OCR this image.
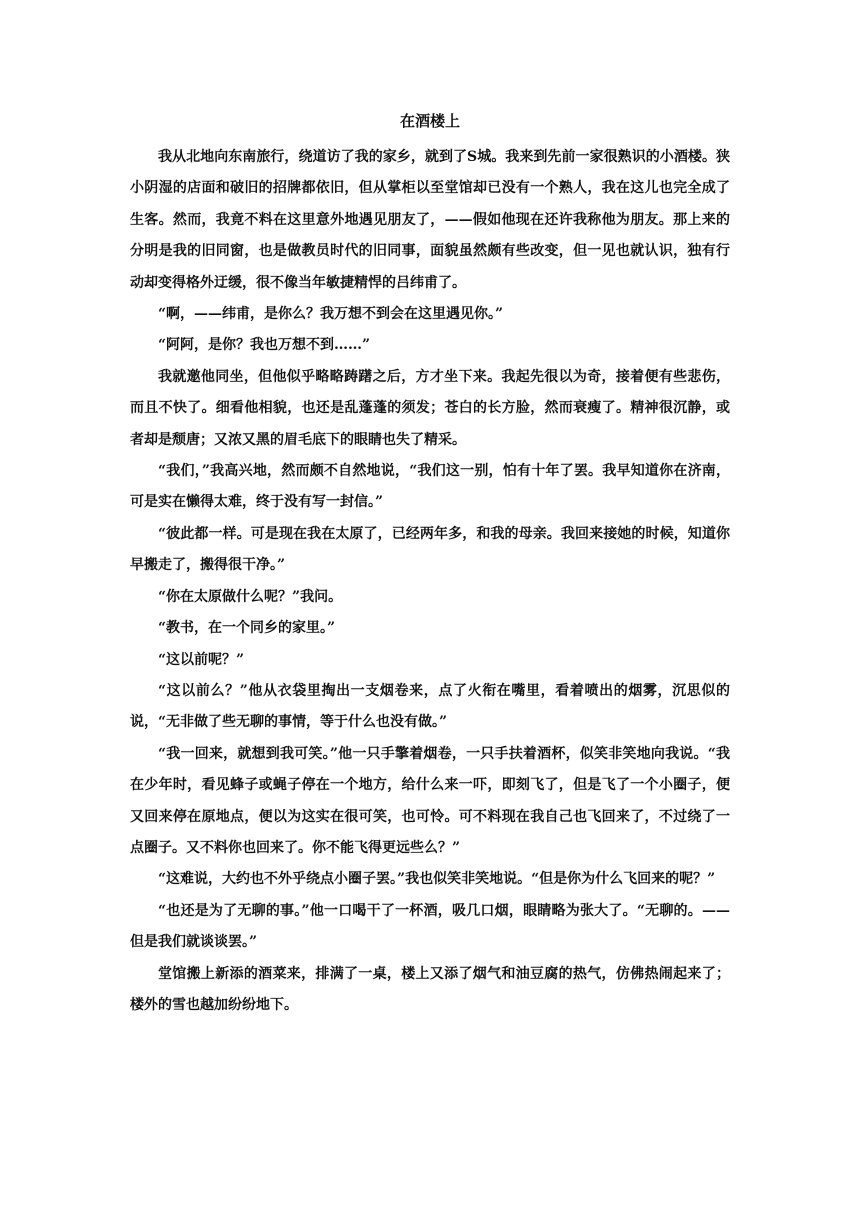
在酒楼上

我从北地向东南旅行，绕道访了我的家乡，就到了S城。我来到先前一家很熟识的小酒楼。狭小阴湿的店面和破旧的招牌都依旧，但从掌柜以至堂馆却已没有一个熟人，我在这儿也完全成了生客。然而，我竟不料在这里意外地遇见朋友了，——假如他现在还许我称他为朋友。那上来的分明是我的旧同窗，也是做教员时代的旧同事，面貌虽然颇有些改变，但一见也就认识，独有行动却变得格外迂缓，很不像当年敏捷精悍的吕纬甫了。

“啊，——纬甫，是你么？我万想不到会在这里遇见你。”

“阿阿，是你？我也万想不到……”

我就邀他同坐，但他似乎略略踌躇之后，方才坐下来。我起先很以为奇，接着便有些悲伤，而且不快了。细看他相貌，也还是乱蓬蓬的须发；苍白的长方脸，然而衰瘦了。精神很沉静，或者却是颓唐；又浓又黑的眉毛底下的眼睛也失了精采。

“我们，”我高兴地，然而颇不自然地说，“我们这一别，怕有十年了罢。我早知道你在济南，可是实在懒得太难，终于没有写一封信。”

“彼此都一样。可是现在我在太原了，已经两年多，和我的母亲。我回来接她的时候，知道你早搬走了，搬得很干净。”

“你在太原做什么呢？”我问。

“教书，在一个同乡的家里。”

“这以前呢？”

“这以前么？”他从衣袋里掏出一支烟卷来，点了火衔在嘴里，看着喷出的烟雾，沉思似的说，“无非做了些无聊的事情，等于什么也没有做。”

“我一回来，就想到我可笑。”他一只手擎着烟卷，一只手扶着酒杯，似笑非笑地向我说。“我在少年时，看见蜂子或蝇子停在一个地方，给什么来一吓，即刻飞了，但是飞了一个小圈子，便又回来停在原地点，便以为这实在很可笑，也可怜。可不料现在我自己也飞回来了，不过绕了一点圈子。又不料你也回来了。你不能飞得更远些么？”

“这难说，大约也不外乎绕点小圈子罢。”我也似笑非笑地说。“但是你为什么飞回来的呢？”

“也还是为了无聊的事。”他一口喝干了一杯酒，吸几口烟，眼睛略为张大了。“无聊的。——但是我们就谈谈罢。”

堂馆搬上新添的酒菜来，排满了一桌，楼上又添了烟气和油豆腐的热气，仿佛热闹起来了；楼外的雪也越加纷纷地下。
